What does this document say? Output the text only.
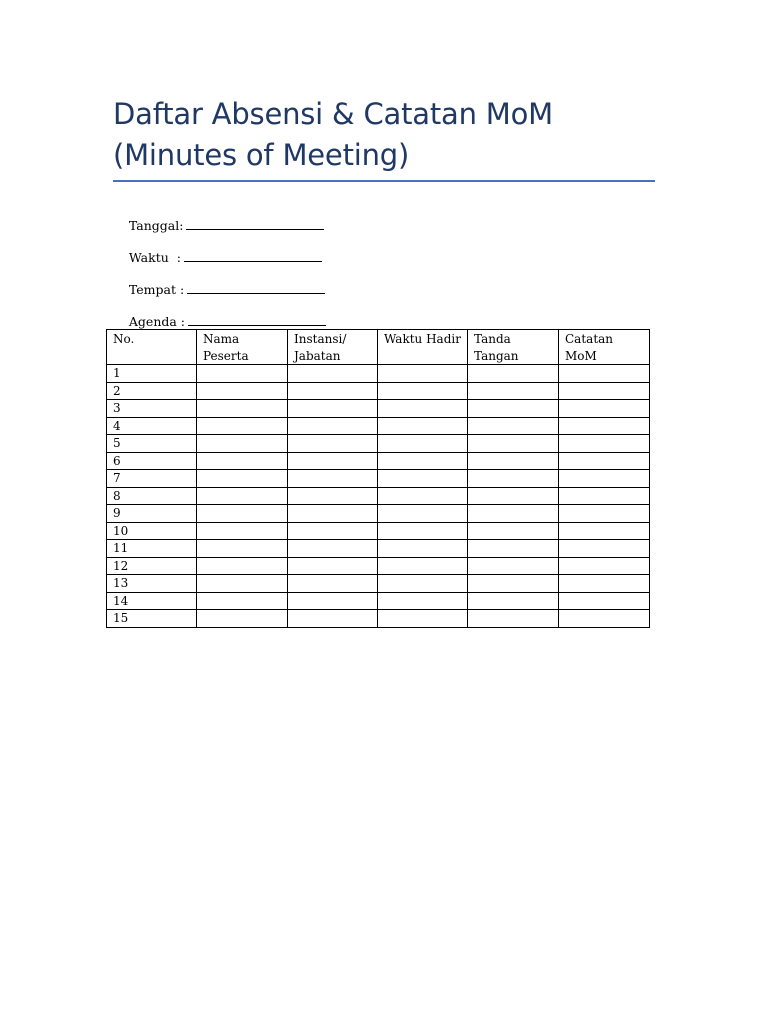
Daftar Absensi & Catatan MoM
(Minutes of Meeting)

Tanggal:

Waktu  :

Tempat :

Agenda :

No.	Nama Peserta	Instansi/ Jabatan	Waktu Hadir	Tanda Tangan	Catatan MoM
1					
2					
3					
4					
5					
6					
7					
8					
9					
10					
11					
12					
13					
14					
15					
